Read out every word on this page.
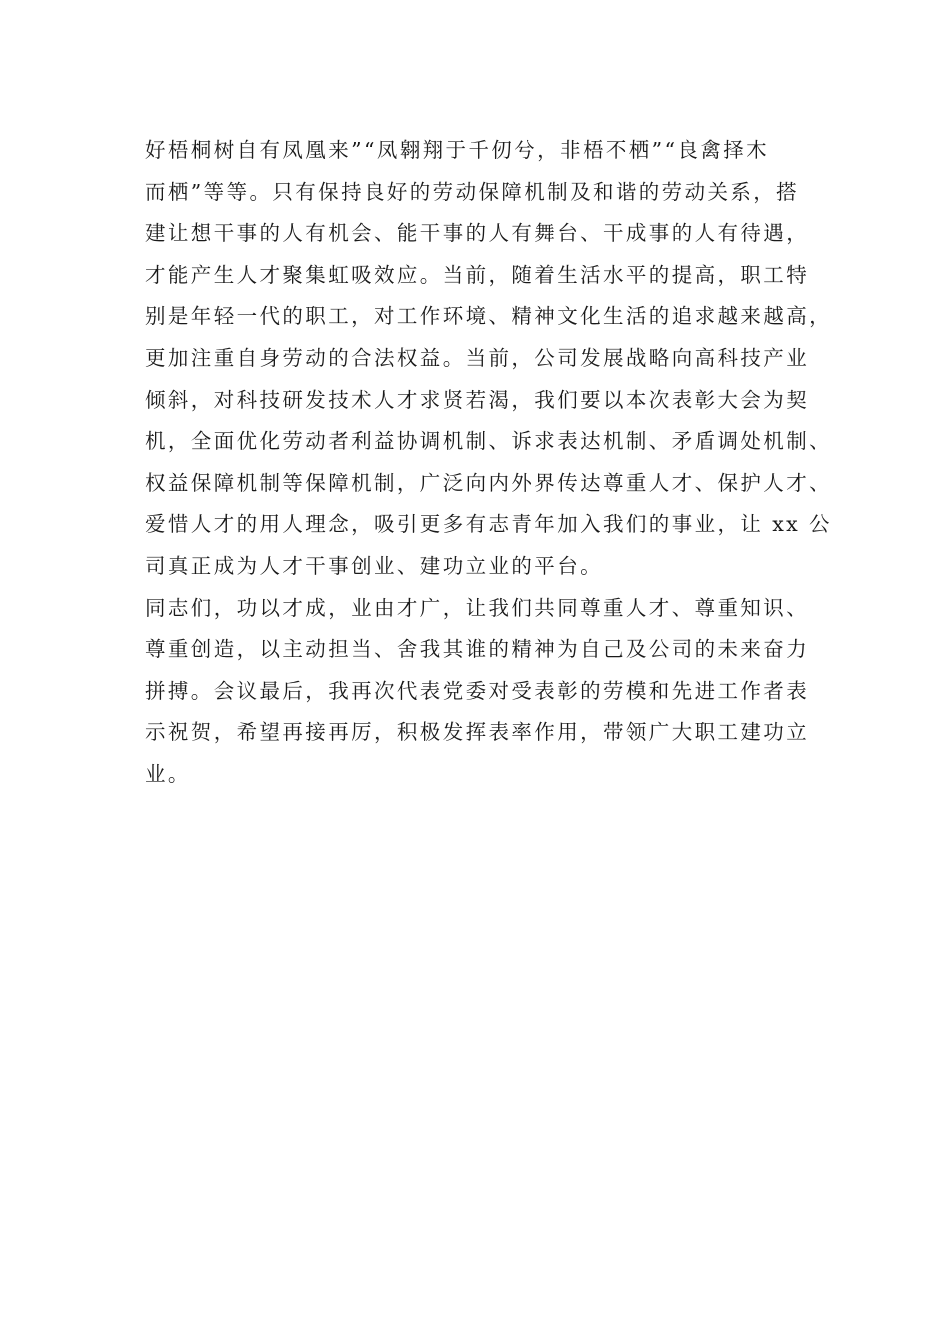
好梧桐树自有凤凰来”“凤翱翔于千仞兮，非梧不栖”“良禽择木
而栖”等等。只有保持良好的劳动保障机制及和谐的劳动关系，搭
建让想干事的人有机会、能干事的人有舞台、干成事的人有待遇，
才能产生人才聚集虹吸效应。当前，随着生活水平的提高，职工特
别是年轻一代的职工，对工作环境、精神文化生活的追求越来越高，
更加注重自身劳动的合法权益。当前，公司发展战略向高科技产业
倾斜，对科技研发技术人才求贤若渴，我们要以本次表彰大会为契
机，全面优化劳动者利益协调机制、诉求表达机制、矛盾调处机制、
权益保障机制等保障机制，广泛向内外界传达尊重人才、保护人才、
爱惜人才的用人理念，吸引更多有志青年加入我们的事业，让 xx 公
司真正成为人才干事创业、建功立业的平台。
同志们，功以才成，业由才广，让我们共同尊重人才、尊重知识、
尊重创造，以主动担当、舍我其谁的精神为自己及公司的未来奋力
拼搏。会议最后，我再次代表党委对受表彰的劳模和先进工作者表
示祝贺，希望再接再厉，积极发挥表率作用，带领广大职工建功立
业。
